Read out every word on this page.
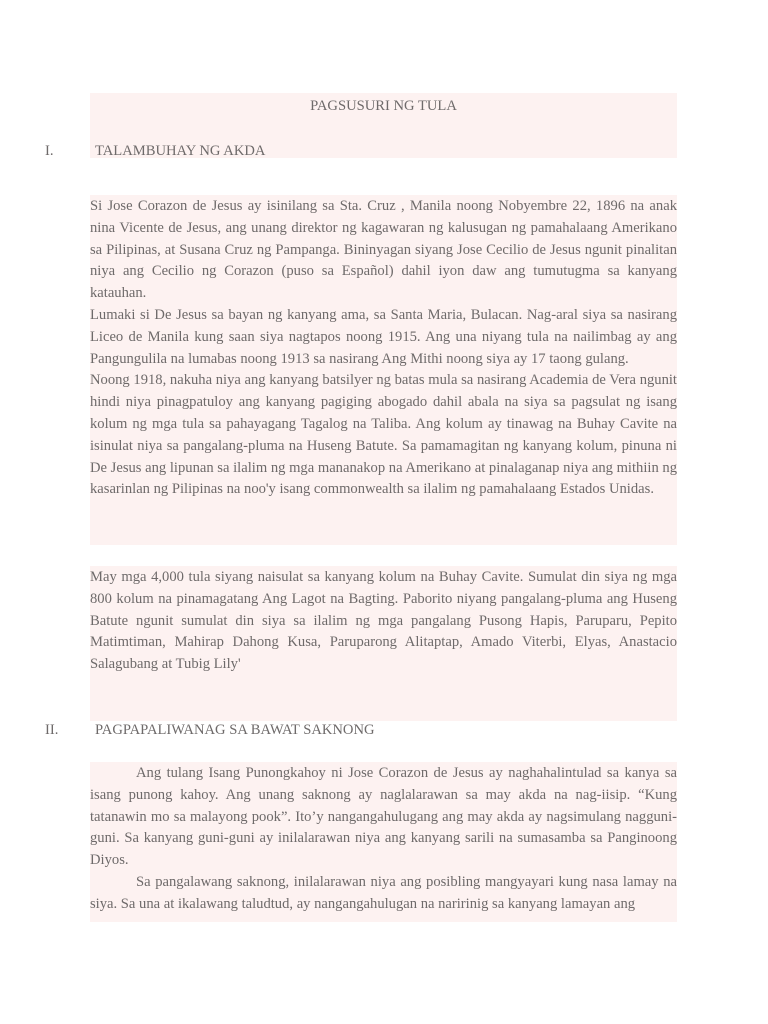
PAGSUSURI NG TULA
I.	TALAMBUHAY NG AKDA

Si Jose Corazon de Jesus ay isinilang sa Sta. Cruz , Manila noong Nobyembre 22, 1896 na anak nina Vicente de Jesus, ang unang direktor ng kagawaran ng kalusugan ng pamahalaang Amerikano sa Pilipinas, at Susana Cruz ng Pampanga. Bininyagan siyang Jose Cecilio de Jesus ngunit pinalitan niya ang Cecilio ng Corazon (puso sa Español) dahil iyon daw ang tumutugma sa kanyang katauhan.

Lumaki si De Jesus sa bayan ng kanyang ama, sa Santa Maria, Bulacan. Nag-aral siya sa nasirang Liceo de Manila kung saan siya nagtapos noong 1915. Ang una niyang tula na nailimbag ay ang Pangungulila na lumabas noong 1913 sa nasirang Ang Mithi noong siya ay 17 taong gulang.

Noong 1918, nakuha niya ang kanyang batsilyer ng batas mula sa nasirang Academia de Vera ngunit hindi niya pinagpatuloy ang kanyang pagiging abogado dahil abala na siya sa pagsulat ng isang kolum ng mga tula sa pahayagang Tagalog na Taliba. Ang kolum ay tinawag na Buhay Cavite na isinulat niya sa pangalang-pluma na Huseng Batute. Sa pamamagitan ng kanyang kolum, pinuna ni De Jesus ang lipunan sa ilalim ng mga mananakop na Amerikano at pinalaganap niya ang mithiin ng kasarinlan ng Pilipinas na noo'y isang commonwealth sa ilalim ng pamahalaang Estados Unidas.

May mga 4,000 tula siyang naisulat sa kanyang kolum na Buhay Cavite. Sumulat din siya ng mga 800 kolum na pinamagatang Ang Lagot na Bagting. Paborito niyang pangalang-pluma ang Huseng Batute ngunit sumulat din siya sa ilalim ng mga pangalang Pusong Hapis, Paruparu, Pepito Matimtiman, Mahirap Dahong Kusa, Paruparong Alitaptap, Amado Viterbi, Elyas, Anastacio Salagubang at Tubig Lily'

II.	PAGPAPALIWANAG SA BAWAT SAKNONG

Ang tulang Isang Punongkahoy ni Jose Corazon de Jesus ay naghahalintulad sa kanya sa isang punong kahoy. Ang unang saknong ay naglalarawan sa may akda na nag-iisip. “Kung tatanawin mo sa malayong pook”. Ito’y nangangahulugang ang may akda ay nagsimulang nagguni-guni. Sa kanyang guni-guni ay inilalarawan niya ang kanyang sarili na sumasamba sa Panginoong Diyos.

Sa pangalawang saknong, inilalarawan niya ang posibling mangyayari kung nasa lamay na siya. Sa una at ikalawang taludtud, ay nangangahulugan na naririnig sa kanyang lamayan ang
